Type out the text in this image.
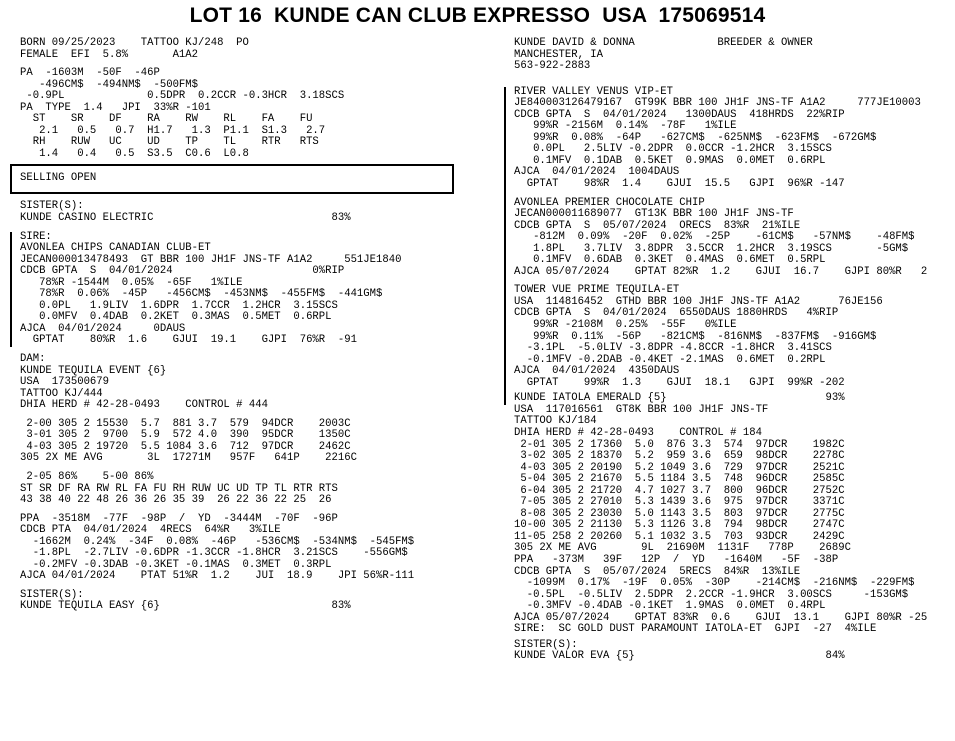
LOT 16  KUNDE CAN CLUB EXPRESSO  USA  175069514
BORN 09/25/2023    TATTOO KJ/248  PO
FEMALE  EFI  5.8%       A1A2
PA  -1603M  -50F  -46P
-496CM$  -494NM$  -500FM$
-0.9PL             0.5DPR  0.2CCR -0.3HCR  3.18SCS
PA  TYPE  1.4   JPI  33%R -101
ST    SR    DF    RA    RW    RL    FA    FU
2.1   0.5   0.7  H1.7   1.3  P1.1  S1.3   2.7
RH    RUW   UC    UD    TP    TL    RTR   RTS
1.4   0.4   0.5  S3.5  C0.6  L0.8
SELLING OPEN
SISTER(S):
KUNDE CASINO ELECTRIC                            83%
SIRE:
AVONLEA CHIPS CANADIAN CLUB-ET
JECAN000013478493  GT BBR 100 JH1F JNS-TF A1A2     551JE1840
CDCB GPTA  S  04/01/2024                      0%RIP
78%R -1544M  0.05%  -65F   1%ILE
78%R  0.06%  -45P   -456CM$  -453NM$  -455FM$  -441GM$
0.0PL   1.9LIV  1.6DPR  1.7CCR  1.2HCR  3.15SCS
0.0MFV  0.4DAB  0.2KET  0.3MAS  0.5MET  0.6RPL
AJCA  04/01/2024     0DAUS
GPTAT    80%R  1.6    GJUI  19.1    GJPI  76%R  -91
DAM:
KUNDE TEQUILA EVENT {6}
USA  173500679
TATTOO KJ/444
DHIA HERD # 42-28-0493    CONTROL # 444
2-00 305 2 15530  5.7  881 3.7  579  94DCR    2003C
3-01 305 2  9700  5.9  572 4.0  390  95DCR    1350C
4-03 305 2 19720  5.5 1084 3.6  712  97DCR    2462C
305 2X ME AVG       3L  17271M   957F   641P    2216C
2-05 86%    5-00 86%
ST SR DF RA RW RL FA FU RH RUW UC UD TP TL RTR RTS
43 38 40 22 48 26 36 26 35 39  26 22 36 22 25  26
PPA  -3518M  -77F  -98P  /  YD  -3444M  -70F  -96P
CDCB PTA  04/01/2024  4RECS  64%R   3%ILE
-1662M  0.24%  -34F  0.08%  -46P   -536CM$  -534NM$  -545FM$
-1.8PL  -2.7LIV -0.6DPR -1.3CCR -1.8HCR  3.21SCS    -556GM$
-0.2MFV -0.3DAB -0.3KET -0.1MAS  0.3MET  0.3RPL
AJCA 04/01/2024    PTAT 51%R  1.2    JUI  18.9    JPI 56%R-111
SISTER(S):
KUNDE TEQUILA EASY {6}                           83%
KUNDE DAVID & DONNA             BREEDER & OWNER
MANCHESTER, IA
563-922-2883
RIVER VALLEY VENUS VIP-ET
JE840003126479167  GT99K BBR 100 JH1F JNS-TF A1A2     777JE10003
CDCB GPTA  S  04/01/2024   1300DAUS  418HRDS  22%RIP
99%R -2156M  0.14%  -78F   1%ILE
99%R  0.08%  -64P   -627CM$  -625NM$  -623FM$  -672GM$
0.0PL   2.5LIV -0.2DPR  0.0CCR -1.2HCR  3.15SCS
0.1MFV  0.1DAB  0.5KET  0.9MAS  0.0MET  0.6RPL
AJCA  04/01/2024  1004DAUS
GPTAT    98%R  1.4    GJUI  15.5   GJPI  96%R -147
AVONLEA PREMIER CHOCOLATE CHIP
JECAN000011689077  GT13K BBR 100 JH1F JNS-TF
CDCB GPTA  S  05/07/2024  ORECS  83%R  21%ILE
-812M  0.09%  -20F  0.02%  -25P    -61CM$   -57NM$    -48FM$
1.8PL   3.7LIV  3.8DPR  3.5CCR  1.2HCR  3.19SCS       -5GM$
0.1MFV  0.6DAB  0.3KET  0.4MAS  0.6MET  0.5RPL
AJCA 05/07/2024    GPTAT 82%R  1.2    GJUI  16.7    GJPI 80%R   2
TOWER VUE PRIME TEQUILA-ET
USA  114816452  GTHD BBR 100 JH1F JNS-TF A1A2      76JE156
CDCB GPTA  S  04/01/2024  6550DAUS 1880HRDS   4%RIP
99%R -2108M  0.25%  -55F   0%ILE
99%R  0.11%  -56P   -821CM$  -816NM$  -837FM$  -916GM$
-3.1PL  -5.0LIV -3.8DPR -4.8CCR -1.8HCR  3.41SCS
-0.1MFV -0.2DAB -0.4KET -2.1MAS  0.6MET  0.2RPL
AJCA  04/01/2024  4350DAUS
GPTAT    99%R  1.3    GJUI  18.1   GJPI  99%R -202
KUNDE IATOLA EMERALD {5}                         93%
USA  117016561  GT8K BBR 100 JH1F JNS-TF
TATTOO KJ/184
DHIA HERD # 42-28-0493    CONTROL # 184
2-01 305 2 17360  5.0  876 3.3  574  97DCR    1982C
3-02 305 2 18370  5.2  959 3.6  659  98DCR    2278C
4-03 305 2 20190  5.2 1049 3.6  729  97DCR    2521C
5-04 305 2 21670  5.5 1184 3.5  748  96DCR    2585C
6-04 305 2 21720  4.7 1027 3.7  800  96DCR    2752C
7-05 305 2 27010  5.3 1439 3.6  975  97DCR    3371C
8-08 305 2 23030  5.0 1143 3.5  803  97DCR    2775C
10-00 305 2 21130  5.3 1126 3.8  794  98DCR    2747C
11-05 258 2 20260  5.1 1032 3.5  703  93DCR    2429C
305 2X ME AVG       9L  21690M  1131F   778P    2689C
PPA   -373M   39F   12P  /  YD   -1640M   -5F  -38P
CDCB GPTA  S  05/07/2024  5RECS  84%R  13%ILE
-1099M  0.17%  -19F  0.05%  -30P    -214CM$  -216NM$  -229FM$
-0.5PL  -0.5LIV  2.5DPR  2.2CCR -1.9HCR  3.00SCS     -153GM$
-0.3MFV -0.4DAB -0.1KET  1.9MAS  0.0MET  0.4RPL
AJCA 05/07/2024    GPTAT 83%R  0.6    GJUI  13.1    GJPI 80%R -25
SIRE:  SC GOLD DUST PARAMOUNT IATOLA-ET  GJPI  -27  4%ILE
SISTER(S):
KUNDE VALOR EVA {5}                              84%
